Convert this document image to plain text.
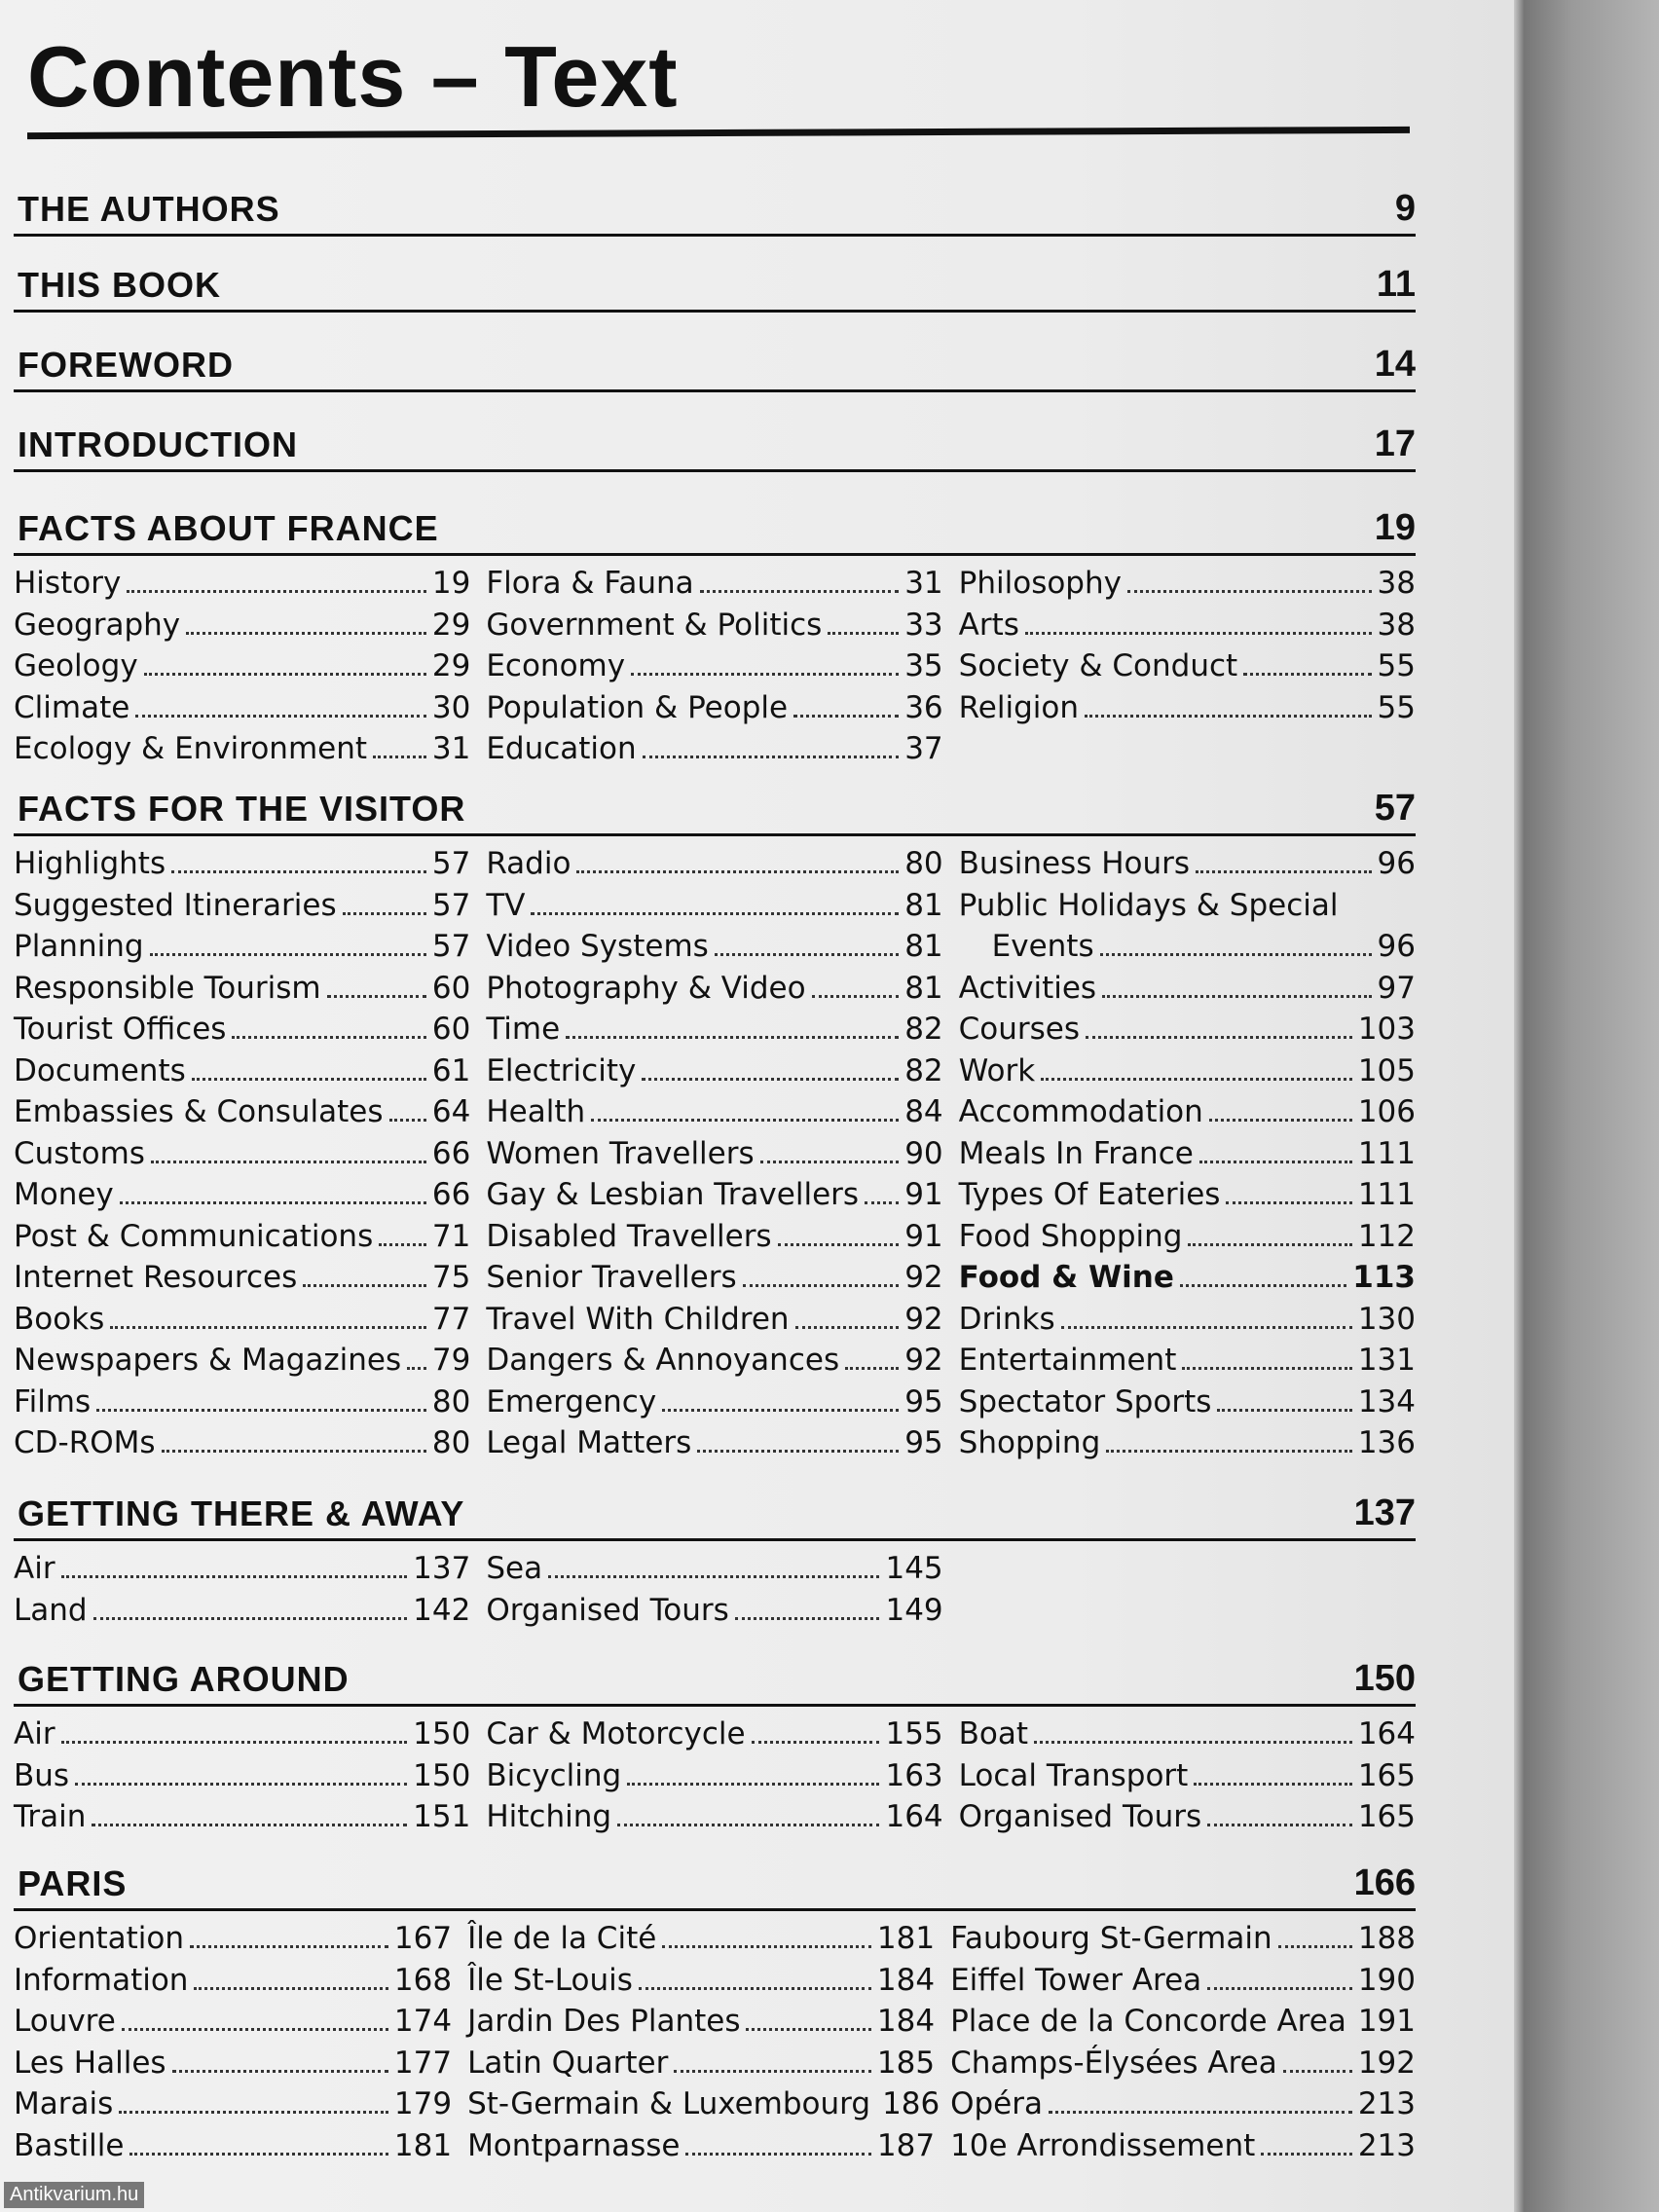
Contents – Text
THE AUTHORS	9
THIS BOOK	11
FOREWORD	14
INTRODUCTION	17
FACTS ABOUT FRANCE	19
History	19
Geography	29
Geology	29
Climate	30
Ecology & Environment 31
Flora & Fauna	31
Government & Politics	33
Economy	35
Population & People	36
Education	37
Philosophy	38
Arts	38
Society & Conduct	55
Religion	55
FACTS FOR THE VISITOR	57
Highlights	57
Suggested Itineraries	57
Planning	57
Responsible Tourism	60
Tourist Offices	60
Documents	61
Embassies & Consulates 64
Customs	66
Money	66
Post & Communications 71
Internet Resources	75
Books	77
Newspapers & Magazines 79
Films	80
CD-ROMs	80
Radio	80
TV	81
Video Systems	81
Photography & Video	81
Time	82
Electricity	82
Health	84
Women Travellers	90
Gay & Lesbian Travellers 91
Disabled Travellers	91
Senior Travellers	92
Travel With Children	92
Dangers & Annoyances 92
Emergency	95
Legal Matters	95
Business Hours	96
Public Holidays & Special
Events	96
Activities	97
Courses	103
Work	105
Accommodation	106
Meals In France	111
Types Of Eateries	111
Food Shopping	112
Food & Wine	113
Drinks	130
Entertainment	131
Spectator Sports	134
Shopping	136
GETTING THERE & AWAY	137
Air	137
Land	142
Sea	145
Organised Tours	149
GETTING AROUND	150
Air	150
Bus	150
Train	151
Car & Motorcycle	155
Bicycling	163
Hitching	164
Boat	164
Local Transport	165
Organised Tours	165
PARIS	166
Orientation	167
Information	168
Louvre	174
Les Halles	177
Marais	179
Bastille	181
Île de la Cité	181
Île St-Louis	184
Jardin Des Plantes	184
Latin Quarter	185
St-Germain & Luxembourg 186
Montparnasse	187
Faubourg St-Germain	188
Eiffel Tower Area	190
Place de la Concorde Area 191
Champs-Élysées Area	192
Opéra	213
10e Arrondissement	213
Antikvarium.hu
